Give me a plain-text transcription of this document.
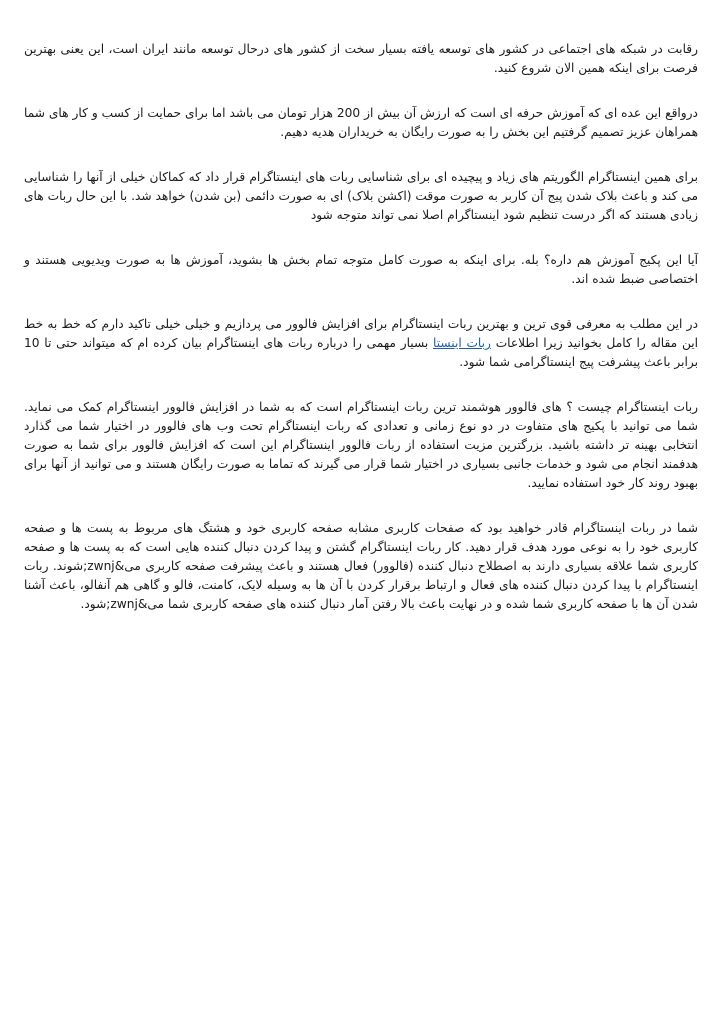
رقابت در شبکه های اجتماعی در کشور های توسعه یافته بسیار سخت از کشور های درحال توسعه مانند ایران است، این یعنی بهترین فرصت برای اینکه همین الان شروع کنید.

درواقع این عده ای که آموزش حرفه ای است که ارزش آن بیش از 200 هزار تومان می باشد اما برای حمایت از کسب و کار های شما همراهان عزیز تصمیم گرفتیم این بخش را به صورت رایگان به خریداران هدیه دهیم.

برای همین اینستاگرام الگوریتم های زیاد و پیچیده ای برای شناسایی ربات های اینستاگرام قرار داد که کماکان خیلی از آنها را شناسایی می کند و باعث بلاک شدن پیج آن کاربر به صورت موقت (اکشن بلاک) ای به صورت دائمی (بن شدن) خواهد شد. با این حال ربات های زیادی هستند که اگر درست تنظیم شود اینستاگرام اصلا نمی تواند متوجه شود

آیا این پکیج آموزش هم داره؟ بله. برای اینکه به صورت کامل متوجه تمام بخش ها بشوید، آموزش ها به صورت ویدیویی هستند و اختصاصی ضبط شده اند.

در این مطلب به معرفی قوی ترین و بهترین ربات اینستاگرام برای افزایش فالوور می پردازیم و خیلی خیلی تاکید دارم که خط به خط این مقاله را کامل بخوانید زیرا اطلاعات ربات اینستا بسیار مهمی را درباره ربات های اینستاگرام بیان کرده ام که میتواند حتی تا 10 برابر باعث پیشرفت پیج اینستاگرامی شما شود.

ربات اینستاگرام چیست ؟ های فالوور هوشمند ترین ربات اینستاگرام است که به شما در افزایش فالوور اینستاگرام کمک می نماید. شما می توانید با پکیج های متفاوت در دو نوع زمانی و تعدادی که ربات اینستاگرام تحت وب های فالوور در اختیار شما می گذارد انتخابی بهینه تر داشته باشید. بزرگترین مزیت استفاده از ربات فالوور اینستاگرام این است که افزایش فالوور برای شما به صورت هدفمند انجام می شود و خدمات جانبی بسیاری در اختیار شما قرار می گیرند که تماما به صورت رایگان هستند و می توانید از آنها برای بهبود روند کار خود استفاده نمایید.

شما در ربات اینستاگرام قادر خواهید بود که صفحات کاربری مشابه صفحه کاربری خود و هشتگ های مربوط به پست ها و صفحه کاربری خود را به نوعی مورد هدف قرار دهید. کار ربات اینستاگرام گشتن و پیدا کردن دنبال کننده هایی است که به پست ها و صفحه کاربری شما علاقه بسیاری دارند به اصطلاح دنبال کننده (فالوور) فعال هستند و باعث پیشرفت صفحه کاربری می&zwnj;شوند. ربات اینستاگرام با پیدا کردن دنبال کننده های فعال و ارتباط برقرار کردن با آن ها به وسیله لایک، کامنت، فالو و گاهی هم آنفالو، باعث آشنا شدن آن ها با صفحه کاربری شما شده و در نهایت باعث بالا رفتن آمار دنبال کننده های صفحه کاربری شما می&zwnj;شود.
